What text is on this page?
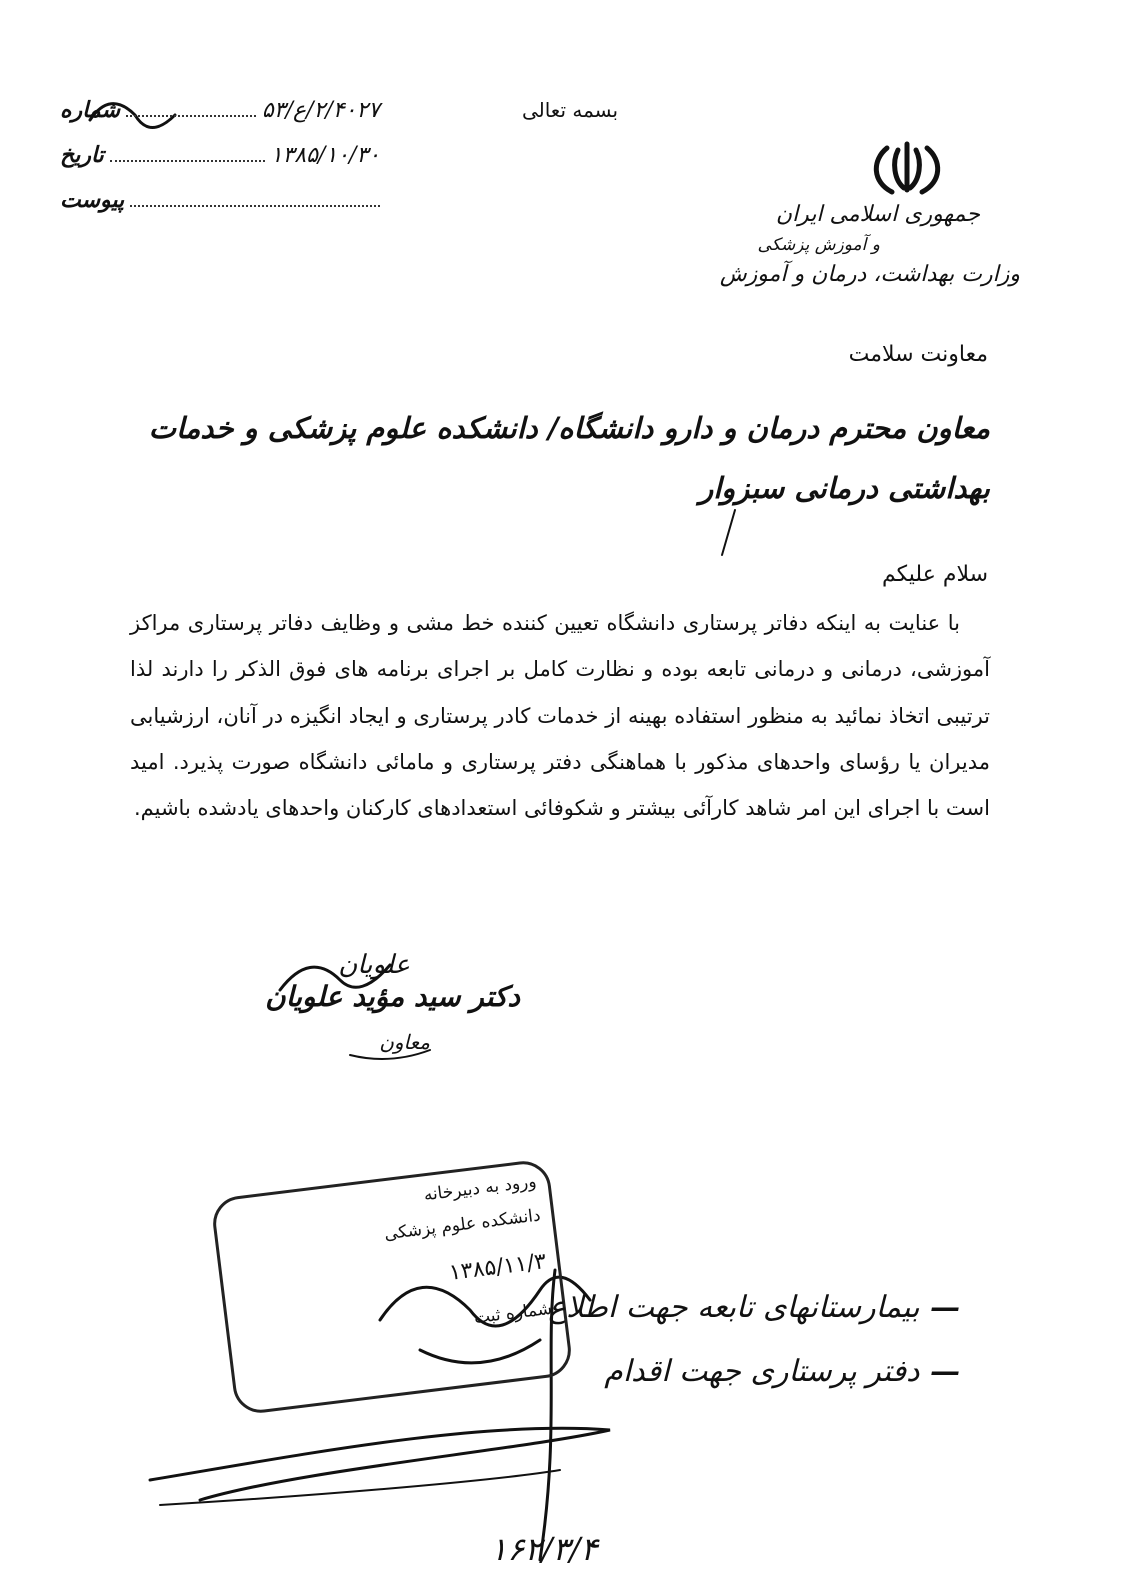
بسمه تعالی
شماره	۲/۴۰۲۷/ع/۵۳
تاریخ	۱۳۸۵/۱۰/۳۰
پیوست
جمهوری اسلامی ایران
و آموزش پزشکی
وزارت بهداشت، درمان و آموزش
معاونت سلامت
معاون محترم درمان و دارو دانشگاه/ دانشکده علوم پزشکی و خدمات
بهداشتی درمانی سبزوار
سلام علیکم

با عنایت به اینکه دفاتر پرستاری دانشگاه تعیین کننده خط مشی و وظایف دفاتر پرستاری مراکز آموزشی، درمانی و درمانی تابعه بوده و نظارت کامل بر اجرای برنامه های فوق الذکر را دارند لذا ترتیبی اتخاذ نمائید به منظور استفاده بهینه از خدمات کادر پرستاری و ایجاد انگیزه در آنان، ارزشیابی مدیران یا رؤسای واحدهای مذکور با هماهنگی دفتر پرستاری و مامائی دانشگاه صورت پذیرد. امید است با اجرای این امر شاهد کارآئی بیشتر و شکوفائی استعدادهای کارکنان واحدهای یادشده باشیم.

علویان
دکتر سید مؤید علویان
معاون
ورود به دبیرخانه
دانشکده علوم پزشکی
۱۳۸۵/۱۱/۳
شماره ثبت	— بیمارستانهای تابعه جهت اطلاع
— دفتر پرستاری جهت اقدام
۱۶۲/۳/۴
